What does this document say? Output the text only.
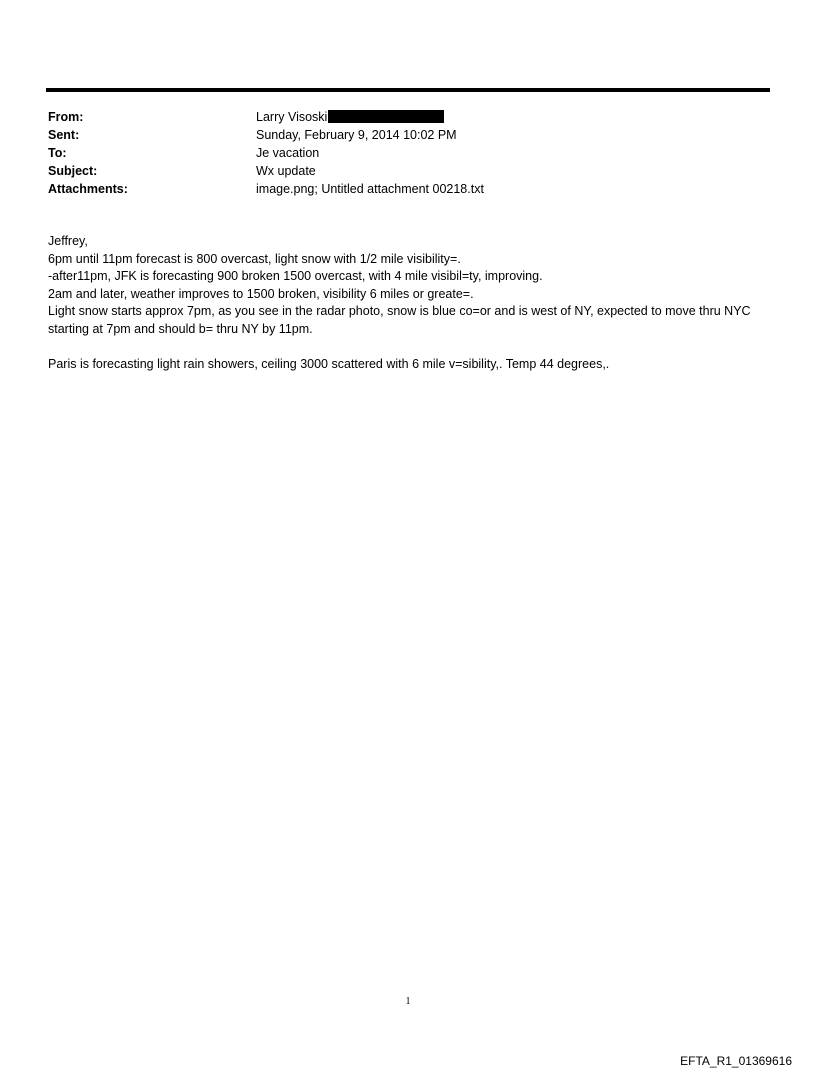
From:	Larry Visoski
Sent:	Sunday, February 9, 2014 10:02 PM
To:	Je vacation
Subject:	Wx update
Attachments:	image.png; Untitled attachment 00218.txt

Jeffrey,

6pm until 11pm forecast is 800 overcast, light snow with 1/2 mile visibility=.

-after11pm, JFK is forecasting 900 broken 1500 overcast, with 4 mile visibil=ty, improving.

2am and later, weather improves to 1500 broken, visibility 6 miles or greate=.

Light snow starts approx 7pm, as you see in the radar photo, snow is blue co=or and is west of NY, expected to move thru NYC starting at 7pm and should b= thru NY by 11pm.

Paris is forecasting light rain showers, ceiling 3000 scattered with 6 mile v=sibility,. Temp 44 degrees,.

1
EFTA_R1_01369616
